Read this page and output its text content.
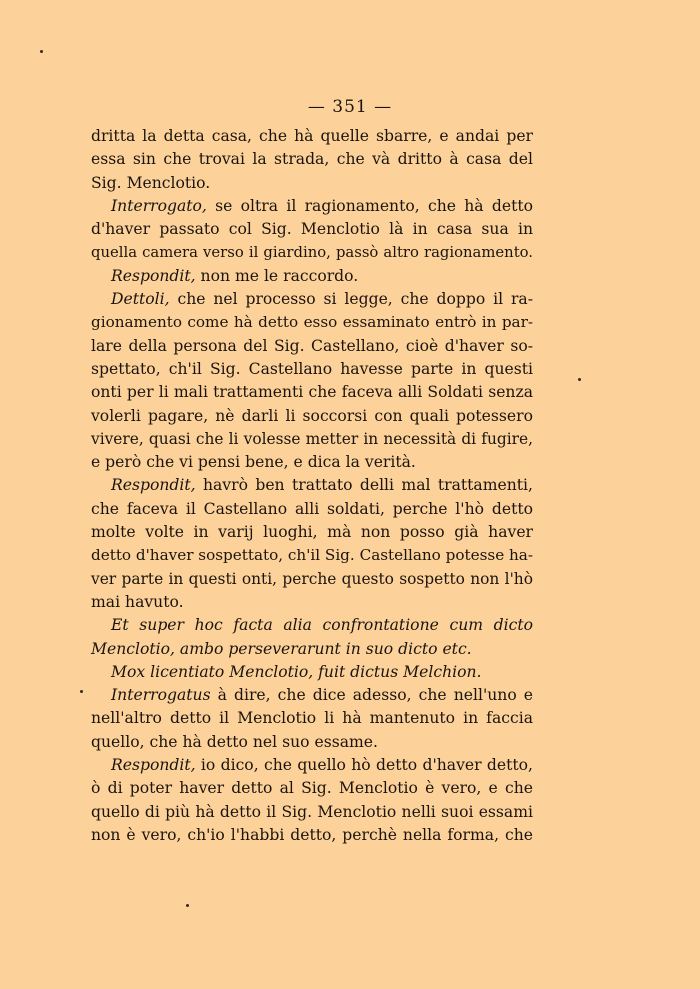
— 351 —
dritta la detta casa, che hà quelle sbarre, e andai per
essa sin che trovai la strada, che và dritto à casa del
Sig. Menclotio.
Interrogato, se oltra il ragionamento, che hà detto
d'haver passato col Sig. Menclotio là in casa sua in
quella camera verso il giardino, passò altro ragionamento.
Respondit, non me le raccordo.
Dettoli, che nel processo si legge, che doppo il ra-
gionamento come hà detto esso essaminato entrò in par-
lare della persona del Sig. Castellano, cioè d'haver so-
spettato, ch'il Sig. Castellano havesse parte in questi
onti per li mali trattamenti che faceva alli Soldati senza
volerli pagare, nè darli li soccorsi con quali potessero
vivere, quasi che li volesse metter in necessità di fugire,
e però che vi pensi bene, e dica la verità.
Respondit, havrò ben trattato delli mal trattamenti,
che faceva il Castellano alli soldati, perche l'hò detto
molte volte in varij luoghi, mà non posso già haver
detto d'haver sospettato, ch'il Sig. Castellano potesse ha-
ver parte in questi onti, perche questo sospetto non l'hò
mai havuto.
Et super hoc facta alia confrontatione cum dicto
Menclotio, ambo perseverarunt in suo dicto etc.
Mox licentiato Menclotio, fuit dictus Melchion.
Interrogatus à dire, che dice adesso, che nell'uno e
nell'altro detto il Menclotio li hà mantenuto in faccia
quello, che hà detto nel suo essame.
Respondit, io dico, che quello hò detto d'haver detto,
ò di poter haver detto al Sig. Menclotio è vero, e che
quello di più hà detto il Sig. Menclotio nelli suoi essami
non è vero, ch'io l'habbi detto, perchè nella forma, che
